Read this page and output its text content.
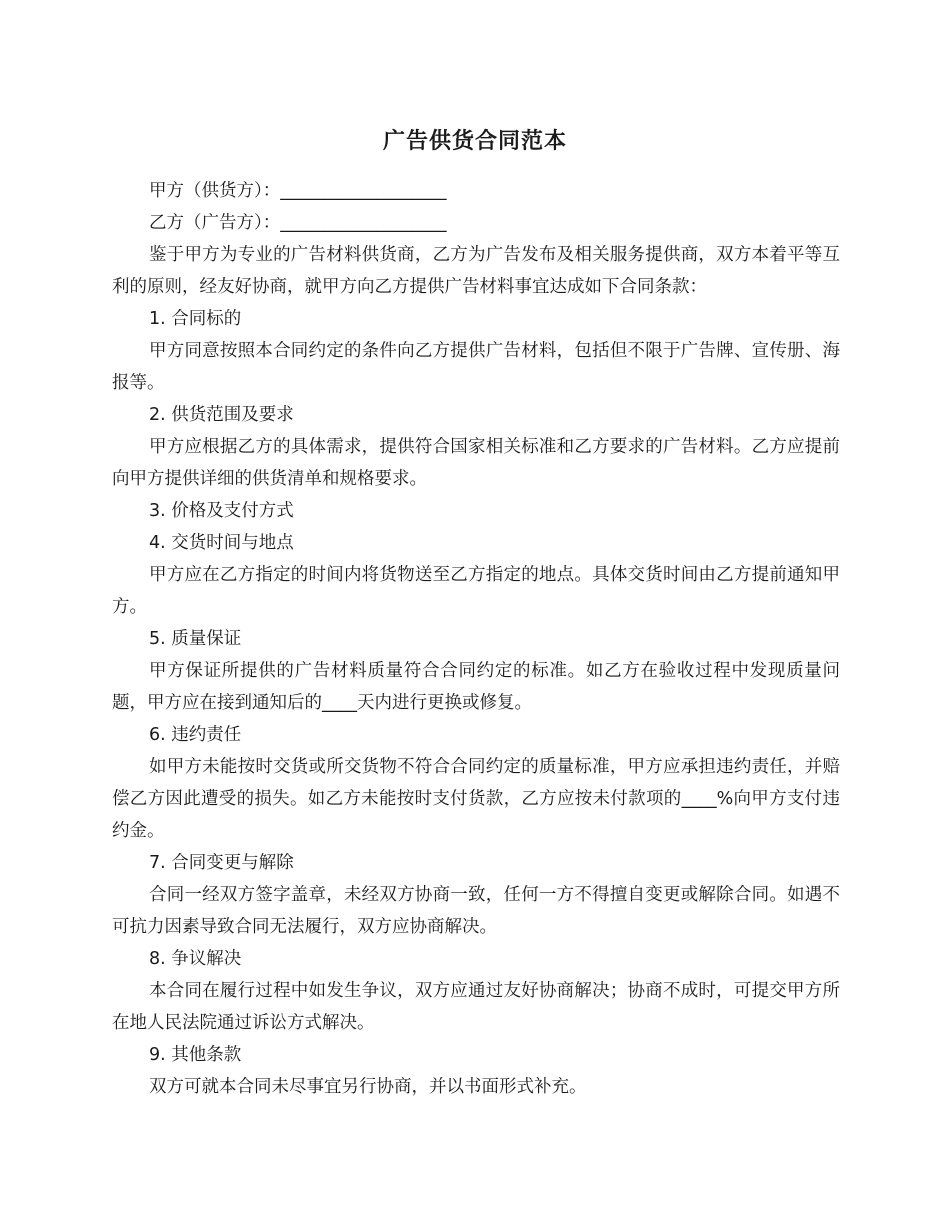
广告供货合同范本

甲方（供货方）：___________________

乙方（广告方）：___________________

鉴于甲方为专业的广告材料供货商，乙方为广告发布及相关服务提供商，双方本着平等互利的原则，经友好协商，就甲方向乙方提供广告材料事宜达成如下合同条款：

1. 合同标的

甲方同意按照本合同约定的条件向乙方提供广告材料，包括但不限于广告牌、宣传册、海报等。

2. 供货范围及要求

甲方应根据乙方的具体需求，提供符合国家相关标准和乙方要求的广告材料。乙方应提前向甲方提供详细的供货清单和规格要求。

3. 价格及支付方式

4. 交货时间与地点

甲方应在乙方指定的时间内将货物送至乙方指定的地点。具体交货时间由乙方提前通知甲方。

5. 质量保证

甲方保证所提供的广告材料质量符合合同约定的标准。如乙方在验收过程中发现质量问题，甲方应在接到通知后的____天内进行更换或修复。

6. 违约责任

如甲方未能按时交货或所交货物不符合合同约定的质量标准，甲方应承担违约责任，并赔偿乙方因此遭受的损失。如乙方未能按时支付货款，乙方应按未付款项的____%向甲方支付违约金。

7. 合同变更与解除

合同一经双方签字盖章，未经双方协商一致，任何一方不得擅自变更或解除合同。如遇不可抗力因素导致合同无法履行，双方应协商解决。

8. 争议解决

本合同在履行过程中如发生争议，双方应通过友好协商解决；协商不成时，可提交甲方所在地人民法院通过诉讼方式解决。

9. 其他条款

双方可就本合同未尽事宜另行协商，并以书面形式补充。
